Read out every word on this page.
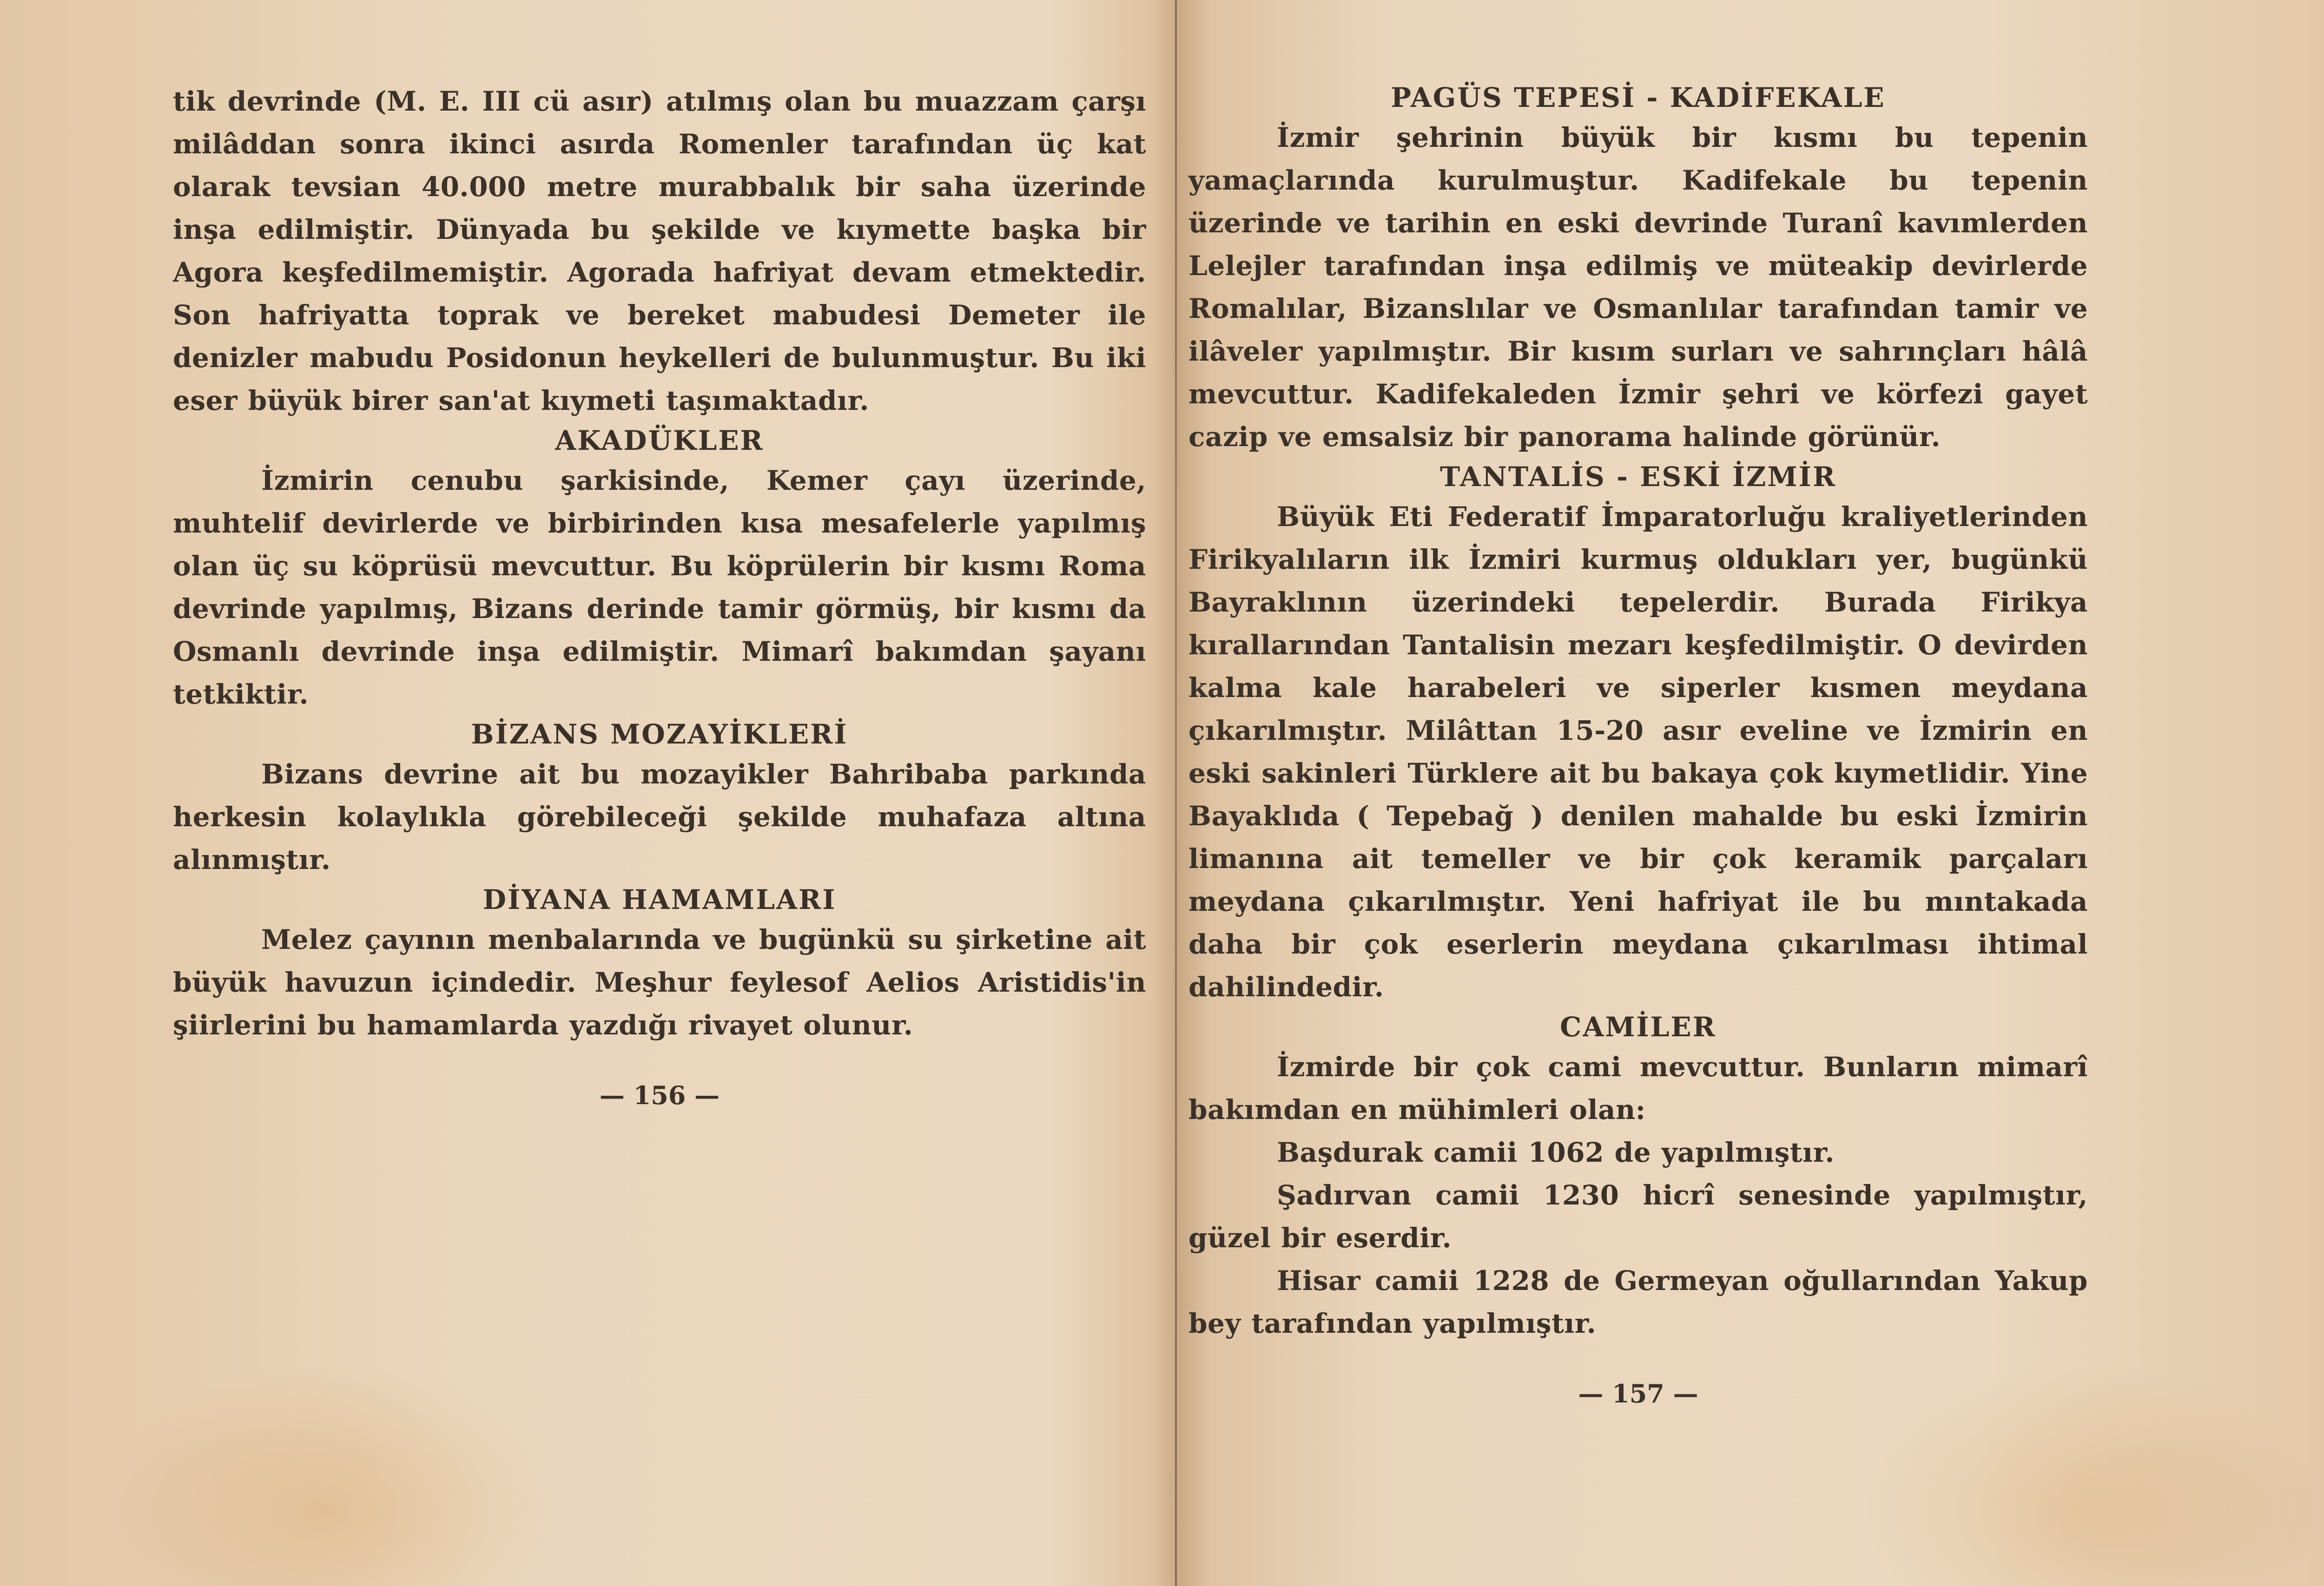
tik devrinde (M. E. III cü asır) atılmış olan bu muazzam çarşı milâddan sonra ikinci asırda Romenler tarafından üç kat olarak tevsian 40.000 metre murabbalık bir saha üzerinde inşa edilmiştir. Dünyada bu şekilde ve kıymette başka bir Agora keşfedilmemiştir. Agorada hafriyat devam etmektedir. Son hafriyatta toprak ve bereket mabudesi Demeter ile denizler mabudu Posidonun heykelleri de bulunmuştur. Bu iki eser büyük birer san'at kıymeti taşımaktadır.

AKADÜKLER

İzmirin cenubu şarkisinde, Kemer çayı üzerinde, muhtelif devirlerde ve birbirinden kısa mesafelerle yapılmış olan üç su köprüsü mevcuttur. Bu köprülerin bir kısmı Roma devrinde yapılmış, Bizans derinde tamir görmüş, bir kısmı da Osmanlı devrinde inşa edilmiştir. Mimarî bakımdan şayanı tetkiktir.

BİZANS MOZAYİKLERİ

Bizans devrine ait bu mozayikler Bahribaba parkında herkesin kolaylıkla görebileceği şekilde muhafaza altına alınmıştır.

DİYANA HAMAMLARI

Melez çayının menbalarında ve bugünkü su şirketine ait büyük havuzun içindedir. Meşhur feylesof Aelios Aristidis'in şiirlerini bu hamamlarda yazdığı rivayet olunur.

— 156 —
PAGÜS TEPESİ - KADİFEKALE

İzmir şehrinin büyük bir kısmı bu tepenin yamaçlarında kurulmuştur. Kadifekale bu tepenin üzerinde ve tarihin en eski devrinde Turanî kavımlerden Lelejler tarafından inşa edilmiş ve müteakip devirlerde Romalılar, Bizanslılar ve Osmanlılar tarafından tamir ve ilâveler yapılmıştır. Bir kısım surları ve sahrınçları hâlâ mevcuttur. Kadifekaleden İzmir şehri ve körfezi gayet cazip ve emsalsiz bir panorama halinde görünür.

TANTALİS - ESKİ İZMİR

Büyük Eti Federatif İmparatorluğu kraliyetlerinden Firikyalıların ilk İzmiri kurmuş oldukları yer, bugünkü Bayraklının üzerindeki tepelerdir. Burada Firikya kırallarından Tantalisin mezarı keşfedilmiştir. O devirden kalma kale harabeleri ve siperler kısmen meydana çıkarılmıştır. Milâttan 15-20 asır eveline ve İzmirin en eski sakinleri Türklere ait bu bakaya çok kıymetlidir. Yine Bayaklıda ( Tepebağ ) denilen mahalde bu eski İzmirin limanına ait temeller ve bir çok keramik parçaları meydana çıkarılmıştır. Yeni hafriyat ile bu mıntakada daha bir çok eserlerin meydana çıkarılması ihtimal dahilindedir.

CAMİLER

İzmirde bir çok cami mevcuttur. Bunların mimarî bakımdan en mühimleri olan:

Başdurak camii 1062 de yapılmıştır.

Şadırvan camii 1230 hicrî senesinde yapılmıştır, güzel bir eserdir.

Hisar camii 1228 de Germeyan oğullarından Yakup bey tarafından yapılmıştır.

— 157 —
